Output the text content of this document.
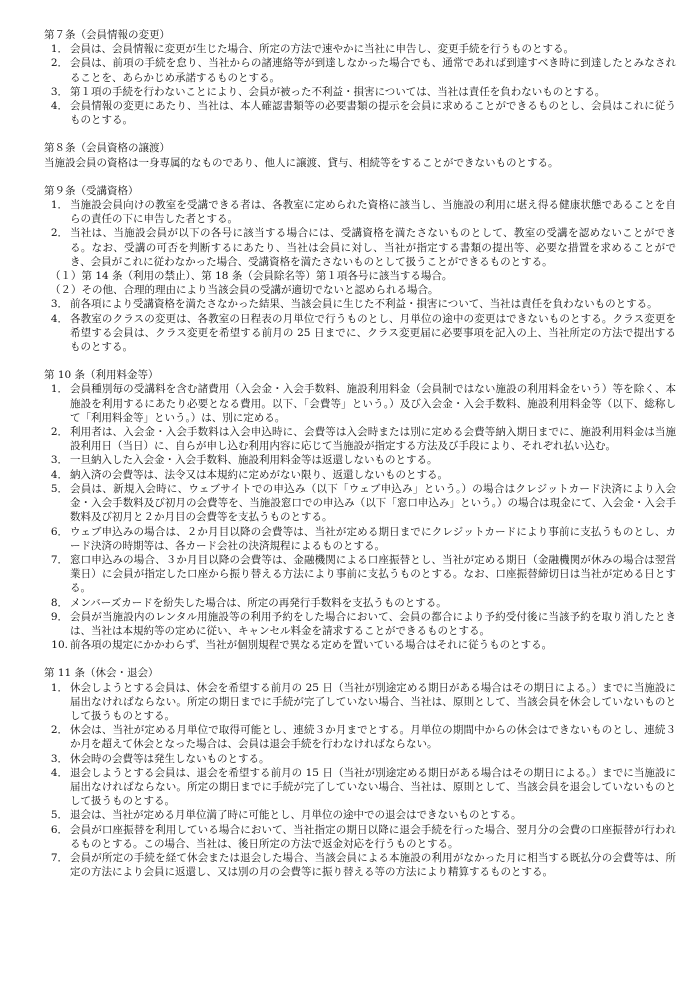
第７条（会員情報の変更）

1． 会員は、会員情報に変更が生じた場合、所定の方法で速やかに当社に申告し、変更手続を行うものとする。
2． 会員は、前項の手続を怠り、当社からの諸連絡等が到達しなかった場合でも、通常であれば到達すべき時に到達したとみなされることを、あらかじめ承諾するものとする。
3． 第１項の手続を行わないことにより、会員が被った不利益・損害については、当社は責任を負わないものとする。
4． 会員情報の変更にあたり、当社は、本人確認書類等の必要書類の提示を会員に求めることができるものとし、会員はこれに従うものとする。

第８条（会員資格の譲渡）

当施設会員の資格は一身専属的なものであり、他人に譲渡、貸与、相続等をすることができないものとする。

第９条（受講資格）

1． 当施設会員向けの教室を受講できる者は、各教室に定められた資格に該当し、当施設の利用に堪え得る健康状態であることを自らの責任の下に申告した者とする。
2． 当社は、当施設会員が以下の各号に該当する場合には、受講資格を満たさないものとして、教室の受講を認めないことができる。なお、受講の可否を判断するにあたり、当社は会員に対し、当社が指定する書類の提出等、必要な措置を求めることができ、会員がこれに従わなかった場合、受講資格を満たさないものとして扱うことができるものとする。

（１）第 14 条（利用の禁止）、第 18 条（会員除名等）第１項各号に該当する場合。

（２）その他、合理的理由により当該会員の受講が適切でないと認められる場合。

3． 前各項により受講資格を満たさなかった結果、当該会員に生じた不利益・損害について、当社は責任を負わないものとする。
4． 各教室のクラスの変更は、各教室の日程表の月単位で行うものとし、月単位の途中の変更はできないものとする。クラス変更を希望する会員は、クラス変更を希望する前月の 25 日までに、クラス変更届に必要事項を記入の上、当社所定の方法で提出するものとする。

第 10 条（利用料金等）

1． 会員種別毎の受講料を含む諸費用（入会金・入会手数料、施設利用料金（会員制ではない施設の利用料金をいう）等を除く、本施設を利用するにあたり必要となる費用。以下、「会費等」という。）及び入会金・入会手数料、施設利用料金等（以下、総称して「利用料金等」という。）は、別に定める。
2． 利用者は、入会金・入会手数料は入会申込時に、会費等は入会時または別に定める会費等納入期日までに、施設利用料金は当施設利用日（当日）に、自らが申し込む利用内容に応じて当施設が指定する方法及び手段により、それぞれ払い込む。
3． 一旦納入した入会金・入会手数料、施設利用料金等は返還しないものとする。
4． 納入済の会費等は、法令又は本規約に定めがない限り、返還しないものとする。
5． 会員は、新規入会時に、ウェブサイトでの申込み（以下「ウェブ申込み」という。）の場合はクレジットカード決済により入会金・入会手数料及び初月の会費等を、当施設窓口での申込み（以下「窓口申込み」という。）の場合は現金にて、入会金・入会手数料及び初月と２か月目の会費等を支払うものとする。
6． ウェブ申込みの場合は、２か月目以降の会費等は、当社が定める期日までにクレジットカードにより事前に支払うものとし、カード決済の時期等は、各カード会社の決済規程によるものとする。
7． 窓口申込みの場合、３か月目以降の会費等は、金融機関による口座振替とし、当社が定める期日（金融機関が休みの場合は翌営業日）に会員が指定した口座から振り替える方法により事前に支払うものとする。なお、口座振替締切日は当社が定める日とする。
8． メンバーズカードを紛失した場合は、所定の再発行手数料を支払うものとする。
9． 会員が当施設内のレンタル用施設等の利用予約をした場合において、会員の都合により予約受付後に当該予約を取り消したときは、当社は本規約等の定めに従い、キャンセル料金を請求することができるものとする。
10. 前各項の規定にかかわらず、当社が個別規程で異なる定めを置いている場合はそれに従うものとする。

第 11 条（休会・退会）

1． 休会しようとする会員は、休会を希望する前月の 25 日（当社が別途定める期日がある場合はその期日による。）までに当施設に届出なければならない。所定の期日までに手続が完了していない場合、当社は、原則として、当該会員を休会していないものとして扱うものとする。
2． 休会は、当社が定める月単位で取得可能とし、連続３か月までとする。月単位の期間中からの休会はできないものとし、連続３か月を超えて休会となった場合は、会員は退会手続を行わなければならない。
3． 休会時の会費等は発生しないものとする。
4． 退会しようとする会員は、退会を希望する前月の 15 日（当社が別途定める期日がある場合はその期日による。）までに当施設に届出なければならない。所定の期日までに手続が完了していない場合、当社は、原則として、当該会員を退会していないものとして扱うものとする。
5． 退会は、当社が定める月単位満了時に可能とし、月単位の途中での退会はできないものとする。
6． 会員が口座振替を利用している場合において、当社指定の期日以降に退会手続を行った場合、翌月分の会費の口座振替が行われるものとする。この場合、当社は、後日所定の方法で返金対応を行うものとする。
7． 会員が所定の手続を経て休会または退会した場合、当該会員による本施設の利用がなかった月に相当する既払分の会費等は、所定の方法により会員に返還し、又は別の月の会費等に振り替える等の方法により精算するものとする。
